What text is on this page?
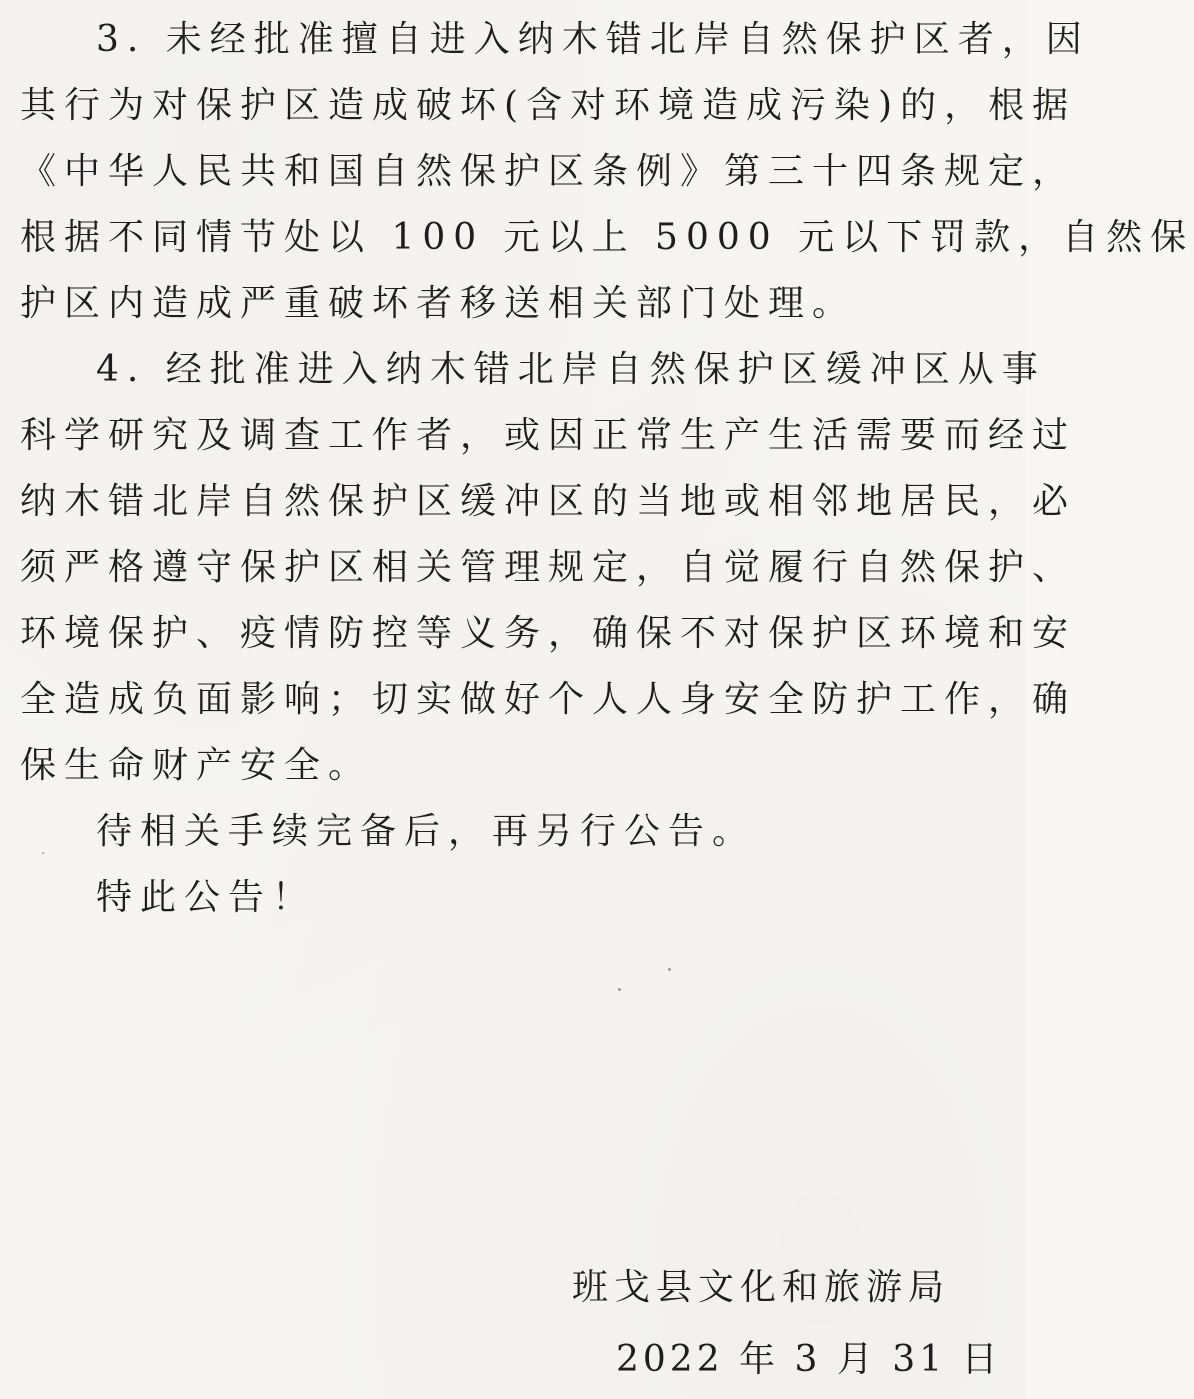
3. 未经批准擅自进入纳木错北岸自然保护区者，因
其行为对保护区造成破坏(含对环境造成污染)的，根据
《中华人民共和国自然保护区条例》第三十四条规定，
根据不同情节处以 100 元以上 5000 元以下罚款，自然保
护区内造成严重破坏者移送相关部门处理。
4. 经批准进入纳木错北岸自然保护区缓冲区从事
科学研究及调查工作者，或因正常生产生活需要而经过
纳木错北岸自然保护区缓冲区的当地或相邻地居民，必
须严格遵守保护区相关管理规定，自觉履行自然保护、
环境保护、疫情防控等义务，确保不对保护区环境和安
全造成负面影响；切实做好个人人身安全防护工作，确
保生命财产安全。
待相关手续完备后，再另行公告。
特此公告！
班戈县文化和旅游局
2022 年 3 月 31 日
